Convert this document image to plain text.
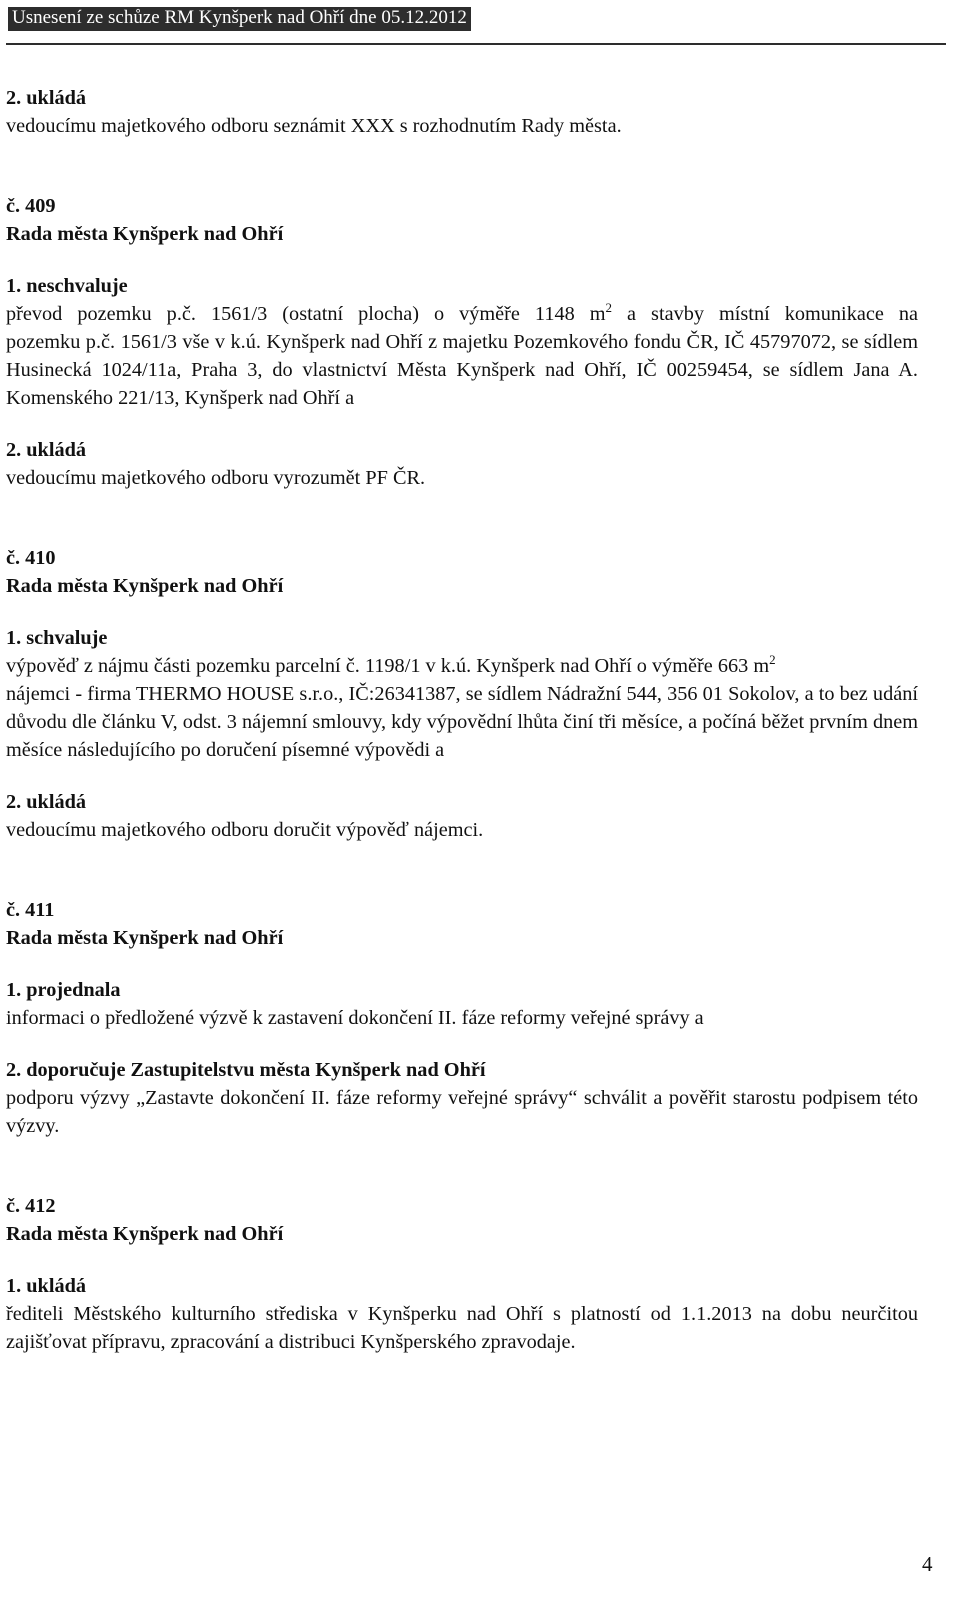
Usnesení ze schůze RM Kynšperk nad Ohří dne 05.12.2012

2. ukládá

vedoucímu majetkového odboru seznámit XXX s rozhodnutím Rady města.

č. 409

Rada města Kynšperk nad Ohří

1. neschvaluje

převod pozemku p.č. 1561/3 (ostatní plocha) o výměře 1148 $m^2$ a stavby místní komunikace na

pozemku p.č. 1561/3 vše v k.ú. Kynšperk nad Ohří z majetku Pozemkového fondu ČR, IČ 45797072, se sídlem Husinecká 1024/11a, Praha 3, do vlastnictví Města Kynšperk nad Ohří, IČ 00259454, se sídlem Jana A. Komenského 221/13, Kynšperk nad Ohří a

2. ukládá

vedoucímu majetkového odboru vyrozumět PF ČR.

č. 410

Rada města Kynšperk nad Ohří

1. schvaluje

výpověď z nájmu části pozemku parcelní č. 1198/1 v k.ú. Kynšperk nad Ohří o výměře 663 $m^2$

nájemci - firma THERMO HOUSE s.r.o., IČ:26341387, se sídlem Nádražní 544, 356 01 Sokolov, a to bez udání důvodu dle článku V, odst. 3 nájemní smlouvy, kdy výpovědní lhůta činí tři měsíce, a počíná běžet prvním dnem měsíce následujícího po doručení písemné výpovědi a

2. ukládá

vedoucímu majetkového odboru doručit výpověď nájemci.

č. 411

Rada města Kynšperk nad Ohří

1. projednala

informaci o předložené výzvě k zastavení dokončení II. fáze reformy veřejné správy a

2. doporučuje Zastupitelstvu města Kynšperk nad Ohří

podporu výzvy „Zastavte dokončení II. fáze reformy veřejné správy“ schválit a pověřit starostu podpisem této výzvy.

č. 412

Rada města Kynšperk nad Ohří

1. ukládá

řediteli Městského kulturního střediska v Kynšperku nad Ohří s platností od 1.1.2013 na dobu neurčitou zajišťovat přípravu, zpracování a distribuci Kynšperského zpravodaje.

4
